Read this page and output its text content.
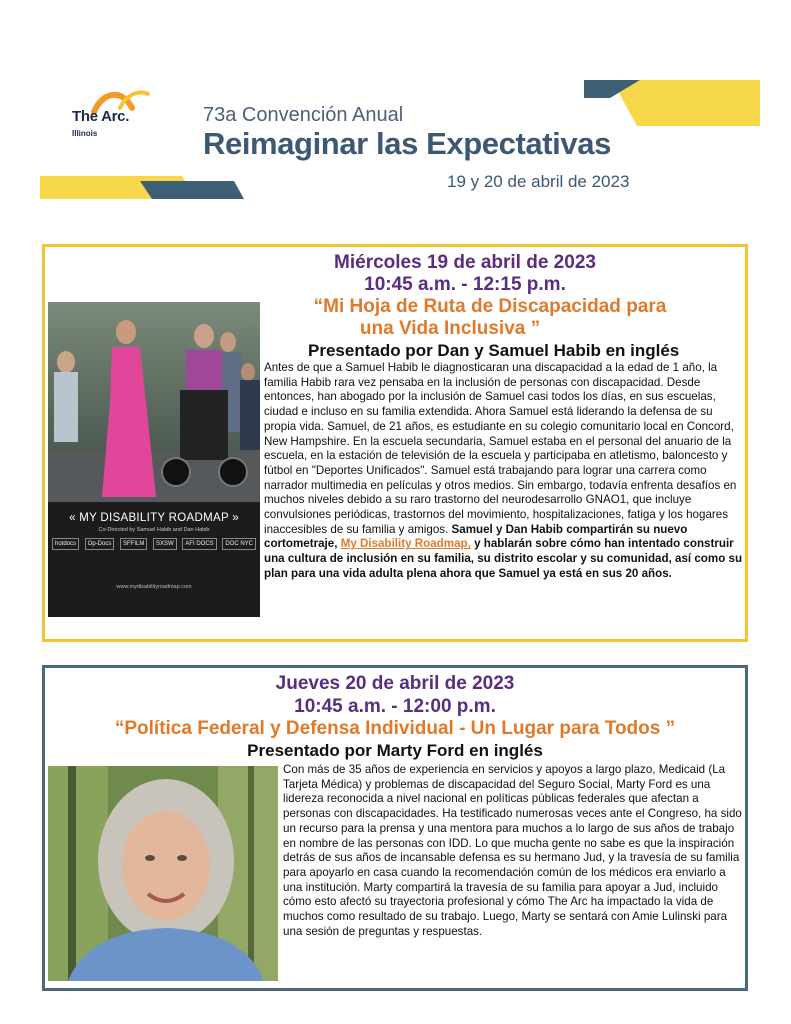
The Arc.
Illinois
73a Convención Anual
Reimaginar las Expectativas
19 y 20 de abril de 2023
Miércoles 19 de abril de 2023
10:45 a.m. - 12:15 p.m.
“Mi Hoja de Ruta de Discapacidad para
una Vida Inclusiva ”
Presentado por Dan y Samuel Habib en inglés
« MY DISABILITY ROADMAP »
Co-Directed by Samuel Habib and Dan Habib
hotdocs	Op-Docs	SFFILM	SXSW	AFI DOCS	DOC NYC
www.mydisabilityroadmap.com
Antes de que a Samuel Habib le diagnosticaran una discapacidad a la edad de 1 año, la familia Habib rara vez pensaba en la inclusión de personas con discapacidad. Desde entonces, han abogado por la inclusión de Samuel casi todos los días, en sus escuelas, ciudad e incluso en su familia extendida. Ahora Samuel está liderando la defensa de su propia vida. Samuel, de 21 años, es estudiante en su colegio comunitario local en Concord, New Hampshire. En la escuela secundaria, Samuel estaba en el personal del anuario de la escuela, en la estación de televisión de la escuela y participaba en atletismo, baloncesto y fútbol en "Deportes Unificados". Samuel está trabajando para lograr una carrera como narrador multimedia en películas y otros medios. Sin embargo, todavía enfrenta desafíos en muchos niveles debido a su raro trastorno del neurodesarrollo GNAO1, que incluye convulsiones periódicas, trastornos del movimiento, hospitalizaciones, fatiga y los hogares inaccesibles de su familia y amigos. Samuel y Dan Habib compartirán su nuevo cortometraje, My Disability Roadmap, y hablarán sobre cómo han intentado construir una cultura de inclusión en su familia, su distrito escolar y su comunidad, así como su plan para una vida adulta plena ahora que Samuel ya está en sus 20 años.
Jueves 20 de abril de 2023
10:45 a.m. - 12:00 p.m.
“Política Federal y Defensa Individual - Un Lugar para Todos ”
Presentado por Marty Ford en inglés
Con más de 35 años de experiencia en servicios y apoyos a largo plazo, Medicaid (La Tarjeta Médica) y problemas de discapacidad del Seguro Social, Marty Ford es una lidereza reconocida a nivel nacional en políticas públicas federales que afectan a personas con discapacidades. Ha testificado numerosas veces ante el Congreso, ha sido un recurso para la prensa y una mentora para muchos a lo largo de sus años de trabajo en nombre de las personas con IDD. Lo que mucha gente no sabe es que la inspiración detrás de sus años de incansable defensa es su hermano Jud, y la travesía de su familia para apoyarlo en casa cuando la recomendación común de los médicos era enviarlo a una institución. Marty compartirá la travesía de su familia para apoyar a Jud, incluido cómo esto afectó su trayectoria profesional y cómo The Arc ha impactado la vida de muchos como resultado de su trabajo. Luego, Marty se sentará con Amie Lulinski para una sesión de preguntas y respuestas.
